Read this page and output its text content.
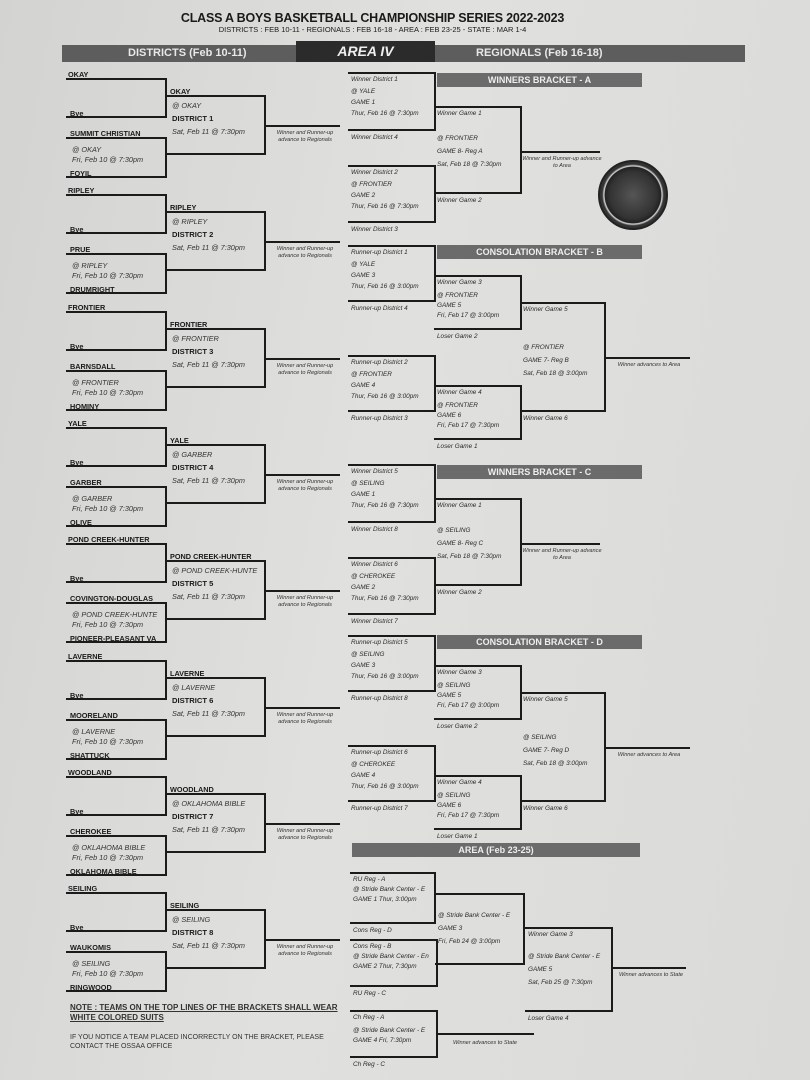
CLASS A BOYS BASKETBALL CHAMPIONSHIP SERIES 2022-2023
DISTRICTS : FEB 10-11 - REGIONALS : FEB 16-18 - AREA : FEB 23-25 - STATE : MAR 1-4
DISTRICTS (Feb 10-11)	AREA IV	REGIONALS (Feb 16-18)
NOTE : TEAMS ON THE TOP LINES OF THE BRACKETS SHALL WEAR WHITE COLORED SUITS
IF YOU NOTICE A TEAM PLACED INCORRECTLY ON THE BRACKET, PLEASE CONTACT THE OSSAA OFFICE
OKAY
Bye
SUMMIT CHRISTIAN
@ OKAY
Fri, Feb 10 @ 7:30pm
FOYIL
OKAY
@ OKAY
DISTRICT 1
Sat, Feb 11 @ 7:30pm	Winner and Runner-up advance to Regionals
RIPLEY
Bye
PRUE
@ RIPLEY
Fri, Feb 10 @ 7:30pm
DRUMRIGHT
RIPLEY
@ RIPLEY
DISTRICT 2
Sat, Feb 11 @ 7:30pm	Winner and Runner-up advance to Regionals
FRONTIER
Bye
BARNSDALL
@ FRONTIER
Fri, Feb 10 @ 7:30pm
HOMINY
FRONTIER
@ FRONTIER
DISTRICT 3
Sat, Feb 11 @ 7:30pm	Winner and Runner-up advance to Regionals
YALE
Bye
GARBER
@ GARBER
Fri, Feb 10 @ 7:30pm
OLIVE
YALE
@ GARBER
DISTRICT 4
Sat, Feb 11 @ 7:30pm	Winner and Runner-up advance to Regionals
POND CREEK-HUNTER
Bye
COVINGTON-DOUGLAS
@ POND CREEK-HUNTE
Fri, Feb 10 @ 7:30pm
PIONEER-PLEASANT VA
POND CREEK-HUNTER
@ POND CREEK-HUNTE
DISTRICT 5
Sat, Feb 11 @ 7:30pm	Winner and Runner-up advance to Regionals
LAVERNE
Bye
MOORELAND
@ LAVERNE
Fri, Feb 10 @ 7:30pm
SHATTUCK
LAVERNE
@ LAVERNE
DISTRICT 6
Sat, Feb 11 @ 7:30pm	Winner and Runner-up advance to Regionals
WOODLAND
Bye
CHEROKEE
@ OKLAHOMA BIBLE
Fri, Feb 10 @ 7:30pm
OKLAHOMA BIBLE
WOODLAND
@ OKLAHOMA BIBLE
DISTRICT 7
Sat, Feb 11 @ 7:30pm	Winner and Runner-up advance to Regionals
SEILING
Bye
WAUKOMIS
@ SEILING
Fri, Feb 10 @ 7:30pm
RINGWOOD
SEILING
@ SEILING
DISTRICT 8
Sat, Feb 11 @ 7:30pm	Winner and Runner-up advance to Regionals
WINNERS BRACKET - A
Winner District 1
@ YALE
GAME 1
Thur, Feb 16 @ 7:30pm
Winner District 4
Winner District 2
@ FRONTIER
GAME 2
Thur, Feb 16 @ 7:30pm
Winner District 3
Winner Game 1
@ FRONTIER
GAME 8- Reg A
Sat, Feb 18 @ 7:30pm
Winner Game 2
Winner and Runner-up advance to Area
WINNERS BRACKET - C
Winner District 5
@ SEILING
GAME 1
Thur, Feb 16 @ 7:30pm
Winner District 8
Winner District 6
@ CHEROKEE
GAME 2
Thur, Feb 16 @ 7:30pm
Winner District 7
Winner Game 1
@ SEILING
GAME 8- Reg C
Sat, Feb 18 @ 7:30pm
Winner Game 2
Winner and Runner-up advance to Area
CONSOLATION BRACKET - B
Runner-up District 1
@ YALE
GAME 3
Thur, Feb 16 @ 3:00pm
Runner-up District 4
Runner-up District 2
@ FRONTIER
GAME 4
Thur, Feb 16 @ 3:00pm
Runner-up District 3
Winner Game 3
@ FRONTIER
GAME 5
Fri, Feb 17 @ 3:00pm
Loser Game 2
Winner Game 4
@ FRONTIER
GAME 6
Fri, Feb 17 @ 7:30pm
Loser Game 1
Winner Game 5
@ FRONTIER
GAME 7- Reg B
Sat, Feb 18 @ 3:00pm
Winner Game 6
Winner advances to Area
CONSOLATION BRACKET - D
Runner-up District 5
@ SEILING
GAME 3
Thur, Feb 16 @ 3:00pm
Runner-up District 8
Runner-up District 6
@ CHEROKEE
GAME 4
Thur, Feb 16 @ 3:00pm
Runner-up District 7
Winner Game 3
@ SEILING
GAME 5
Fri, Feb 17 @ 3:00pm
Loser Game 2
Winner Game 4
@ SEILING
GAME 6
Fri, Feb 17 @ 7:30pm
Loser Game 1
Winner Game 5
@ SEILING
GAME 7- Reg D
Sat, Feb 18 @ 3:00pm
Winner Game 6
Winner advances to Area
AREA (Feb 23-25)
RU Reg - A
@ Stride Bank Center - E
GAME 1 Thur, 3:00pm
Cons Reg - D
Cons Reg - B
@ Stride Bank Center - En
GAME 2 Thur, 7:30pm
RU Reg - C
@ Stride Bank Center - E
GAME 3
Fri, Feb 24 @ 3:00pm
Winner Game 3
@ Stride Bank Center - E
GAME 5
Sat, Feb 25 @ 7:30pm
Loser Game 4
Winner advances to State
Ch Reg - A
@ Stride Bank Center - E
GAME 4 Fri, 7:30pm
Ch Reg - C
Winner advances to State
